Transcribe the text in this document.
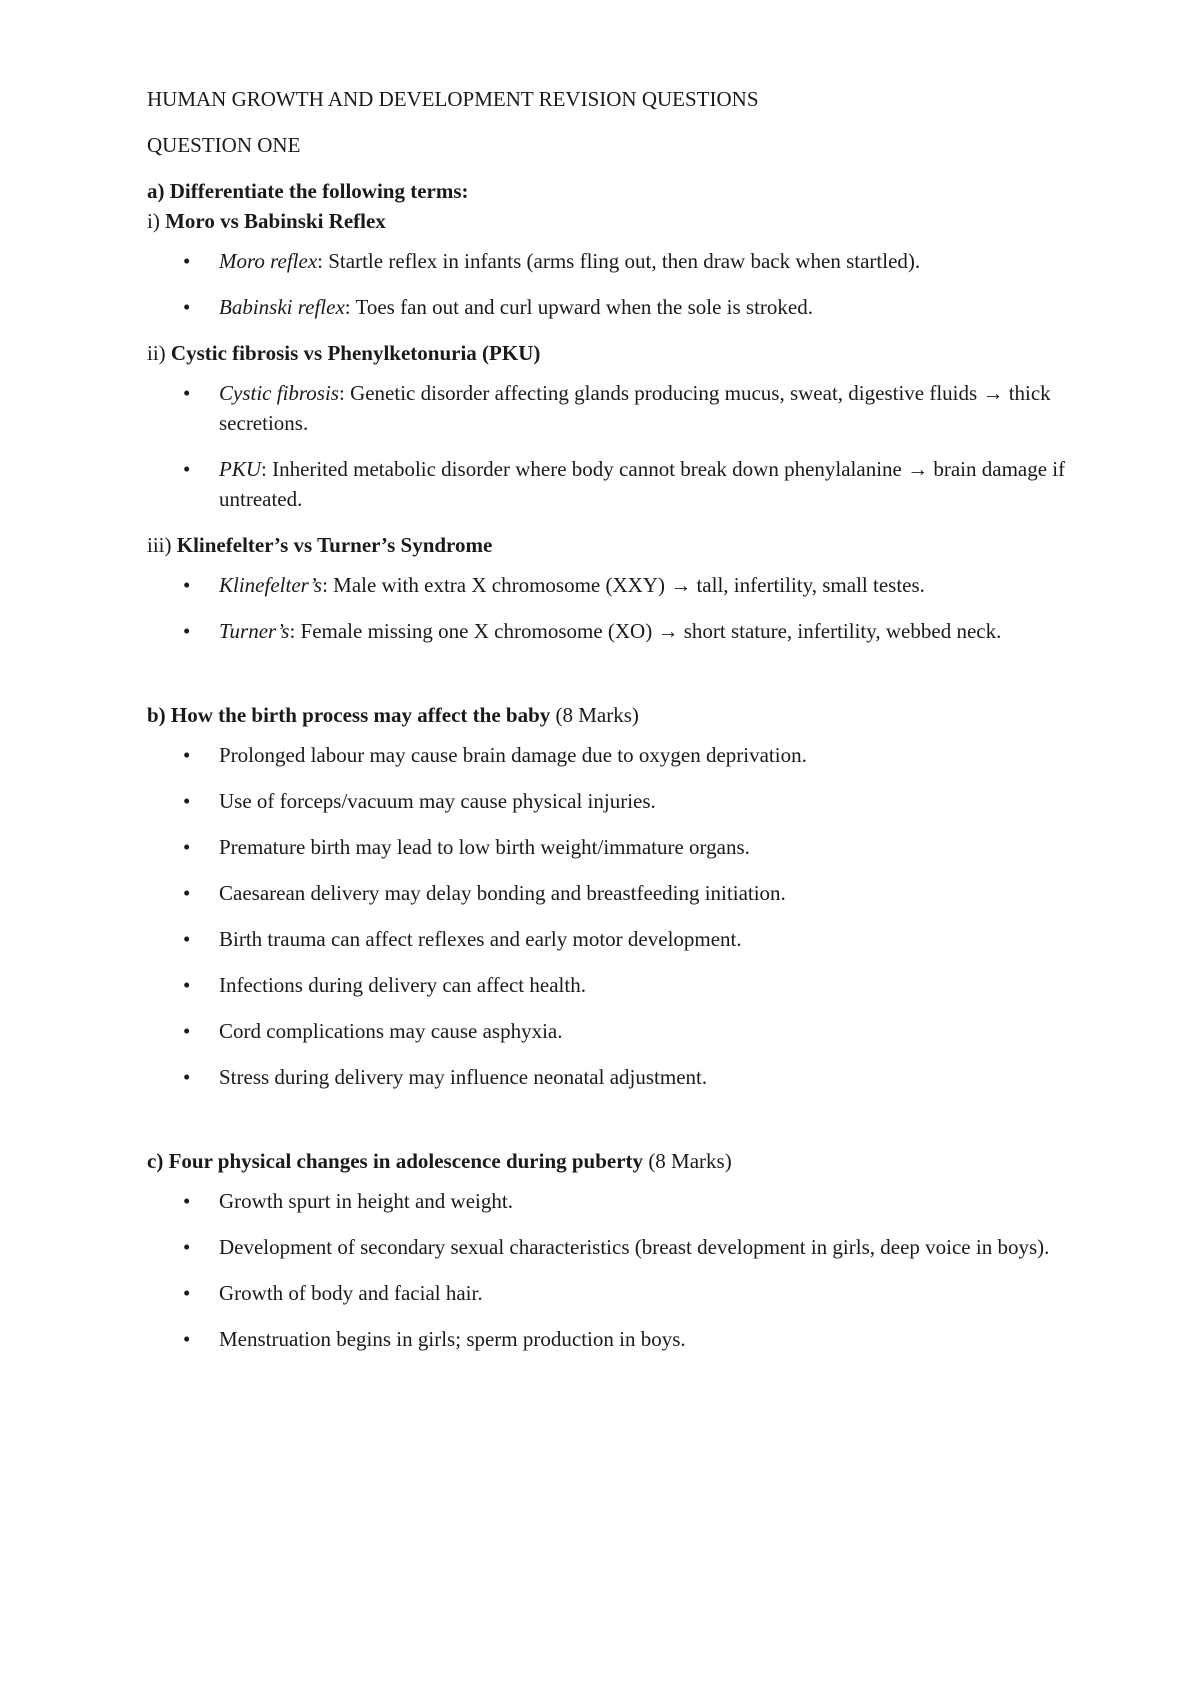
HUMAN GROWTH AND DEVELOPMENT REVISION QUESTIONS

QUESTION ONE

a) Differentiate the following terms:

i) Moro vs Babinski Reflex

• Moro reflex: Startle reflex in infants (arms fling out, then draw back when startled).
• Babinski reflex: Toes fan out and curl upward when the sole is stroked.

ii) Cystic fibrosis vs Phenylketonuria (PKU)

• Cystic fibrosis: Genetic disorder affecting glands producing mucus, sweat, digestive fluids → thick secretions.
• PKU: Inherited metabolic disorder where body cannot break down phenylalanine → brain damage if untreated.

iii) Klinefelter’s vs Turner’s Syndrome

• Klinefelter’s: Male with extra X chromosome (XXY) → tall, infertility, small testes.
• Turner’s: Female missing one X chromosome (XO) → short stature, infertility, webbed neck.

b) How the birth process may affect the baby (8 Marks)

• Prolonged labour may cause brain damage due to oxygen deprivation.
• Use of forceps/vacuum may cause physical injuries.
• Premature birth may lead to low birth weight/immature organs.
• Caesarean delivery may delay bonding and breastfeeding initiation.
• Birth trauma can affect reflexes and early motor development.
• Infections during delivery can affect health.
• Cord complications may cause asphyxia.
• Stress during delivery may influence neonatal adjustment.

c) Four physical changes in adolescence during puberty (8 Marks)

• Growth spurt in height and weight.
• Development of secondary sexual characteristics (breast development in girls, deep voice in boys).
• Growth of body and facial hair.
• Menstruation begins in girls; sperm production in boys.
